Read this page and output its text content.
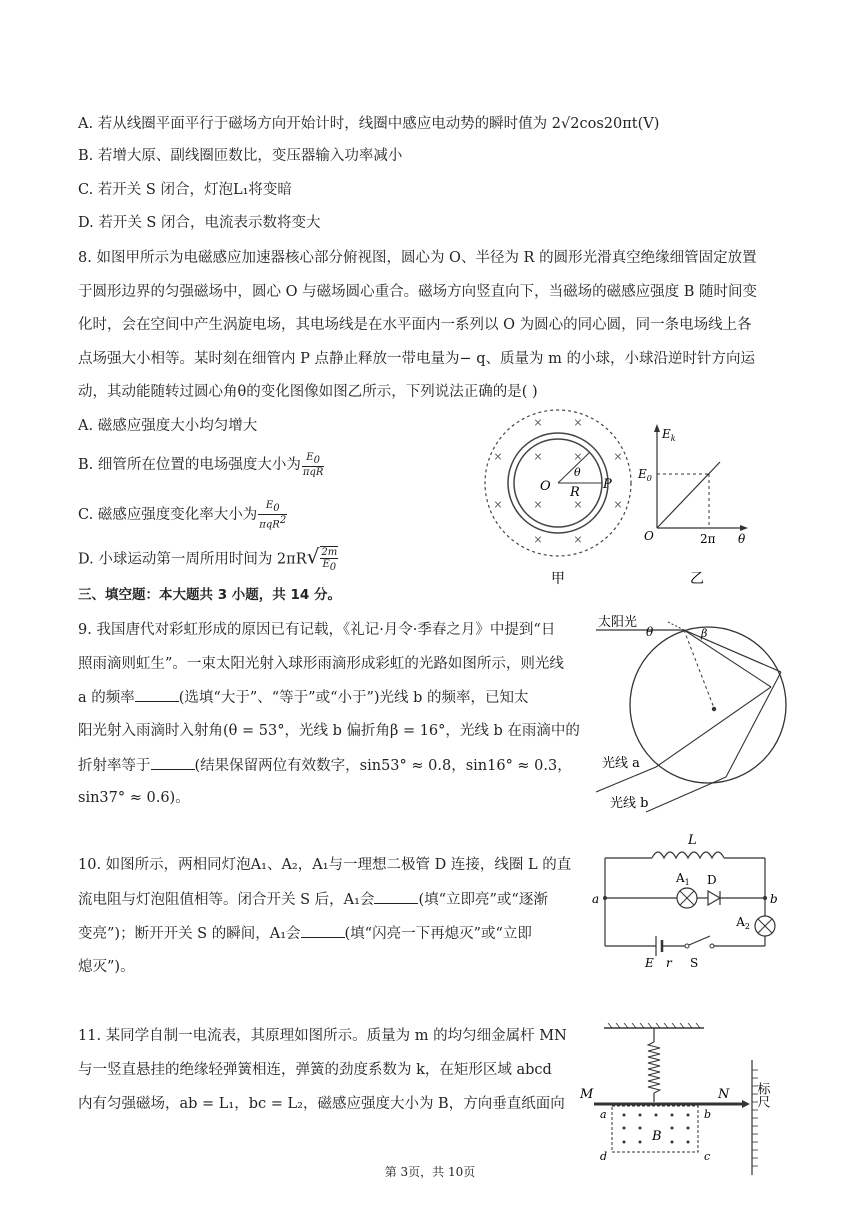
A. 若从线圈平面平行于磁场方向开始计时，线圈中感应电动势的瞬时值为 2√2cos20πt(V)
B. 若增大原、副线圈匝数比，变压器输入功率减小
C. 若开关 S 闭合，灯泡L₁将变暗
D. 若开关 S 闭合，电流表示数将变大
8. 如图甲所示为电磁感应加速器核心部分俯视图，圆心为 O、半径为 R 的圆形光滑真空绝缘细管固定放置
于圆形边界的匀强磁场中，圆心 O 与磁场圆心重合。磁场方向竖直向下，当磁场的磁感应强度 B 随时间变
化时，会在空间中产生涡旋电场，其电场线是在水平面内一系列以 O 为圆心的同心圆，同一条电场线上各
点场强大小相等。某时刻在细管内 P 点静止释放一带电量为− q、质量为 m 的小球，小球沿逆时针方向运
动，其动能随转过圆心角θ的变化图像如图乙所示，下列说法正确的是( )
A. 磁感应强度大小均匀增大
B. 细管所在位置的电场强度大小为 $\frac{E_0}{\text{πqR}}$
C. 磁感应强度变化率大小为 $\frac{E_0}{\pi qR^2}$
D. 小球运动第一周所用时间为 $2\pi R√ \frac{2m}{E_0}$
×	×
×	×
×	×
×	×
×	×
×	×
O R
P
θ
甲
$E_k$
$E_0$
O	2π θ
乙
三、填空题：本大题共 3 小题，共 14 分。
9. 我国唐代对彩虹形成的原因已有记载，《礼记·月令·季春之月》中提到“日
照雨滴则虹生”。一束太阳光射入球形雨滴形成彩虹的光路如图所示，则光线
a 的频率	(选填“大于”、“等于”或“小于”)光线 b 的频率，已知太
阳光射入雨滴时入射角(θ = 53°，光线 b 偏折角β = 16°，光线 b 在雨滴中的
折射率等于	(结果保留两位有效数字，sin53° ≈ 0.8，sin16° ≈ 0.3，
sin37° ≈ 0.6)。
太阳光
θ	β
光线 a
光线 b
10. 如图所示，两相同灯泡A₁、A₂，A₁与一理想二极管 D 连接，线圈 L 的直
流电阻与灯泡阻值相等。闭合开关 S 后，A₁会	(填“立即亮”或“逐渐
变亮”)；断开开关 S 的瞬间，A₁会	(填“闪亮一下再熄灭”或“立即
熄灭”)。
L
$A_1$ D
$A_2$
a	b
E r S
11. 某同学自制一电流表，其原理如图所示。质量为 m 的均匀细金属杆 MN
与一竖直悬挂的绝缘轻弹簧相连，弹簧的劲度系数为 k，在矩形区域 abcd
内有匀强磁场，ab = L₁，bc = L₂，磁感应强度大小为 B，方向垂直纸面向
M	N
a	b
d	c
B
标尺
第 3页，共 10页
